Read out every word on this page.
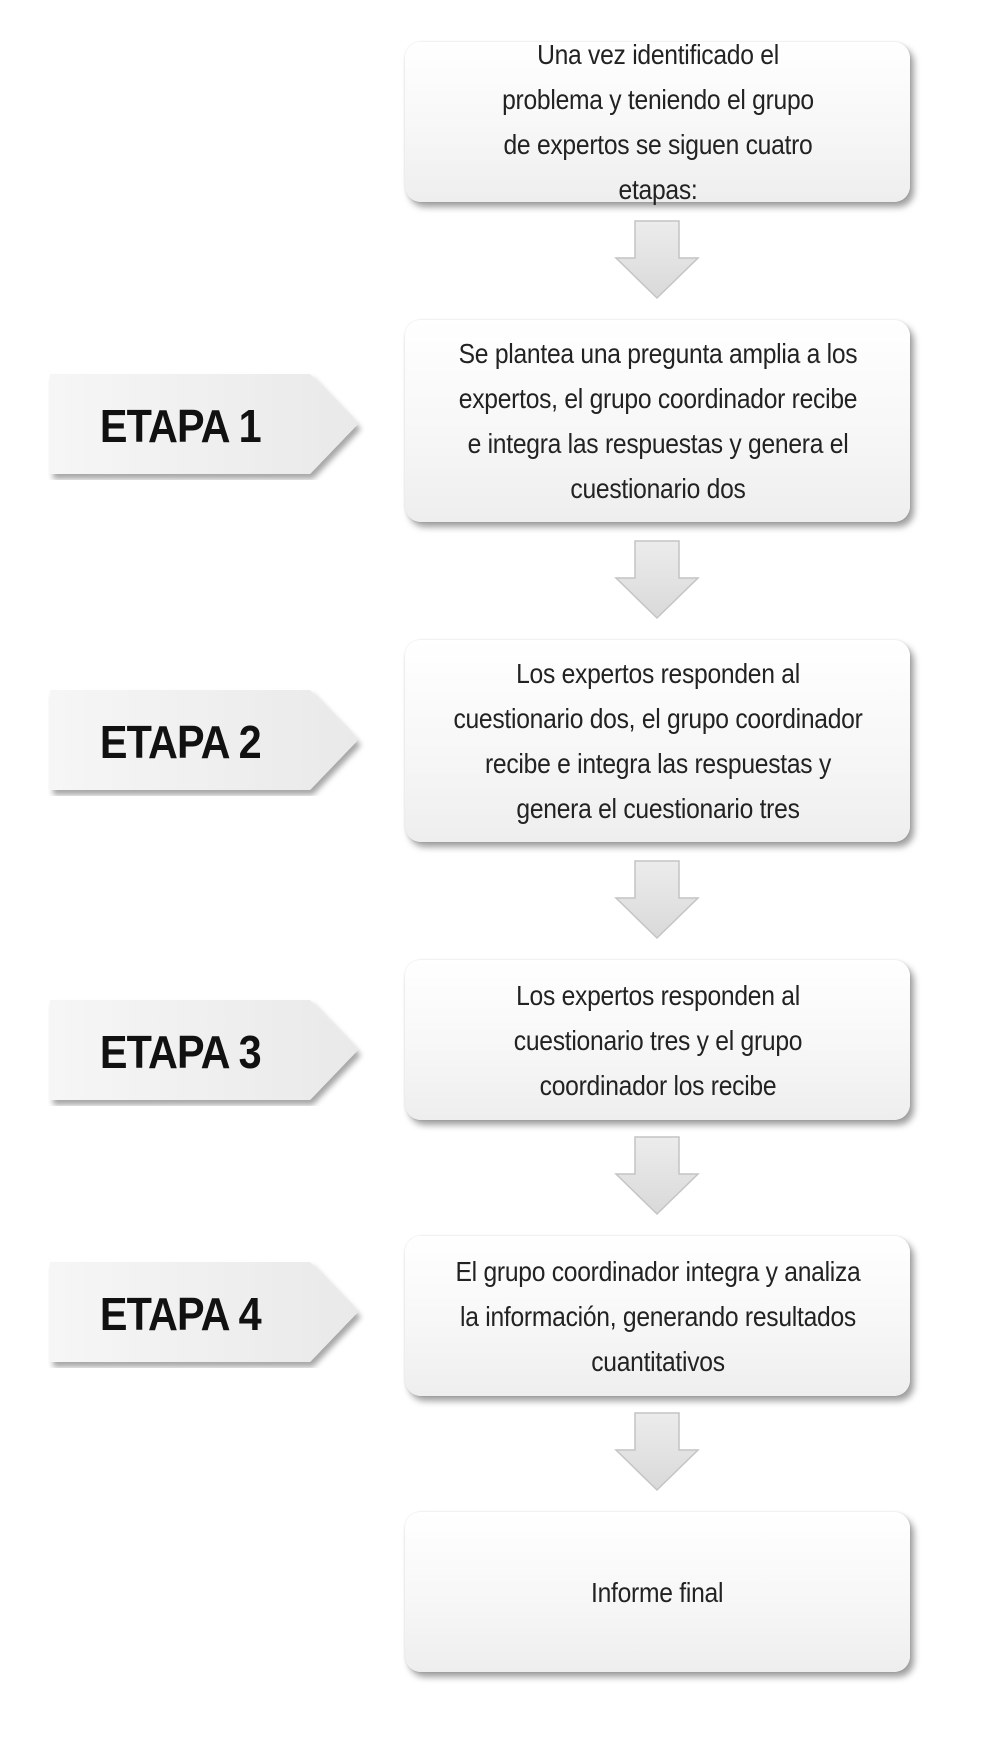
Una vez identificado el problema y teniendo el grupo de expertos se siguen cuatro etapas:
Se plantea una pregunta amplia a los expertos, el grupo coordinador recibe e integra las respuestas y genera el cuestionario dos
Los expertos responden al cuestionario dos, el grupo coordinador recibe e integra las respuestas y genera el cuestionario tres
Los expertos responden al cuestionario tres y el grupo coordinador los recibe
El grupo coordinador integra y analiza la información, generando resultados cuantitativos
Informe final
ETAPA 1
ETAPA 2
ETAPA 3
ETAPA 4
